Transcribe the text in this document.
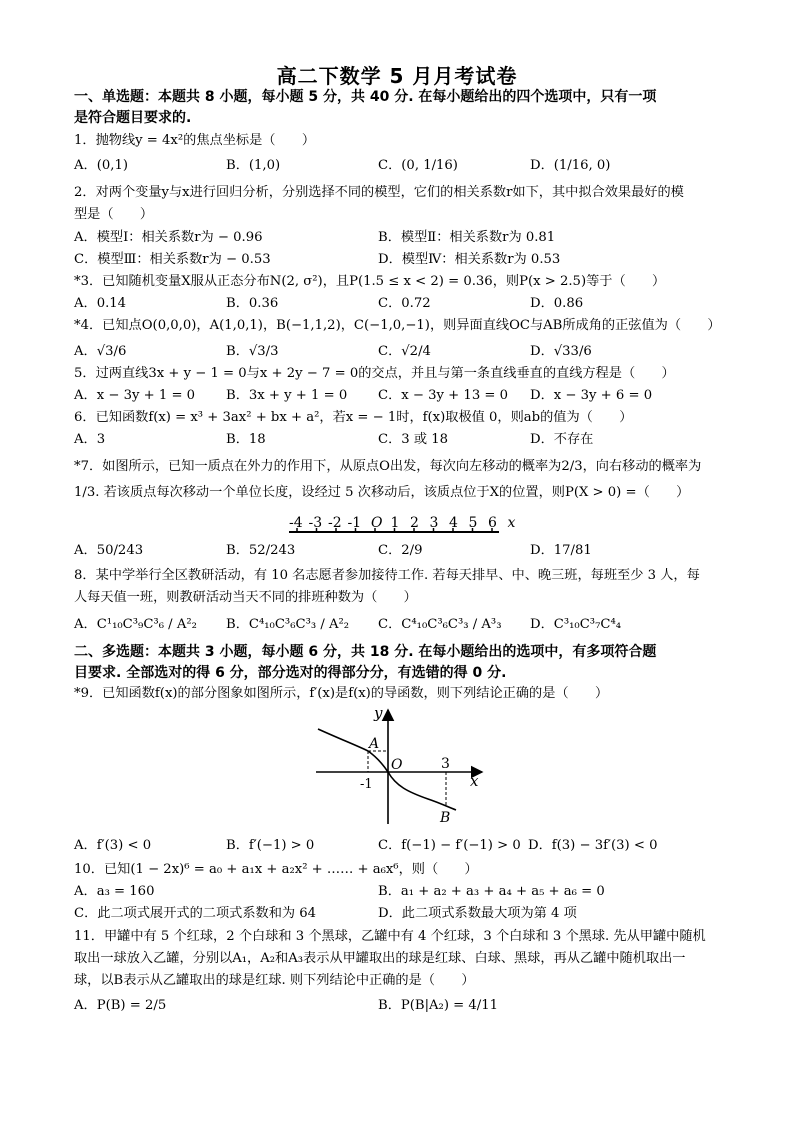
高二下数学 5 月月考试卷
一、单选题：本题共 8 小题，每小题 5 分，共 40 分. 在每小题给出的四个选项中，只有一项
是符合题目要求的.
1．抛物线y = 4x²的焦点坐标是（　　）
A．(0,1)	B．(1,0)	C．(0, 1/16)	D．(1/16, 0)
2．对两个变量y与x进行回归分析，分别选择不同的模型，它们的相关系数r如下，其中拟合效果最好的模
型是（　　）
A．模型Ⅰ：相关系数r为 − 0.96	B．模型Ⅱ：相关系数r为 0.81
C．模型Ⅲ：相关系数r为 − 0.53	D．模型Ⅳ：相关系数r为 0.53
*3．已知随机变量X服从正态分布N(2, σ²)，且P(1.5 ≤ x < 2) = 0.36，则P(x > 2.5)等于（　　）
A．0.14	B．0.36	C．0.72	D．0.86
*4．已知点O(0,0,0)，A(1,0,1)，B(−1,1,2)，C(−1,0,−1)，则异面直线OC与AB所成角的正弦值为（　　）
A．√3/6	B．√3/3	C．√2/4	D．√33/6
5．过两直线3x + y − 1 = 0与x + 2y − 7 = 0的交点，并且与第一条直线垂直的直线方程是（　　）
A．x − 3y + 1 = 0 B．3x + y + 1 = 0 C．x − 3y + 13 = 0 D．x − 3y + 6 = 0
6．已知函数f(x) = x³ + 3ax² + bx + a²，若x = − 1时，f(x)取极值 0，则ab的值为（　　）
A．3	B．18	C．3 或 18	D．不存在
*7．如图所示，已知一质点在外力的作用下，从原点O出发，每次向左移动的概率为2/3，向右移动的概率为
1/3. 若该质点每次移动一个单位长度，设经过 5 次移动后，该质点位于X的位置，则P(X > 0) =（　　）
-4 -3 -2 -1 O 1 2 3 4 5 6 x
A．50/243	B．52/243	C．2/9	D．17/81
8．某中学举行全区教研活动，有 10 名志愿者参加接待工作. 若每天排早、中、晚三班，每班至少 3 人，每
人每天值一班，则教研活动当天不同的排班种数为（　　）
A．C¹₁₀C³₉C³₆ / A²₂ B．C⁴₁₀C³₆C³₃ / A²₂ C．C⁴₁₀C³₆C³₃ / A³₃ D．C³₁₀C³₇C⁴₄
二、多选题：本题共 3 小题，每小题 6 分，共 18 分. 在每小题给出的选项中，有多项符合题
目要求. 全部选对的得 6 分，部分选对的得部分分，有选错的得 0 分.
*9．已知函数f(x)的部分图象如图所示，f′(x)是f(x)的导函数，则下列结论正确的是（　　）
y
A
O
-1
3
x
B
A．f′(3) < 0	B．f′(−1) > 0	C．f(−1) − f′(−1) > 0 D．f(3) − 3f′(3) < 0
10．已知(1 − 2x)⁶ = a₀ + a₁x + a₂x² + …… + a₆x⁶，则（　　）
A．a₃ = 160	B．a₁ + a₂ + a₃ + a₄ + a₅ + a₆ = 0
C．此二项式展开式的二项式系数和为 64	D．此二项式系数最大项为第 4 项
11．甲罐中有 5 个红球，2 个白球和 3 个黑球，乙罐中有 4 个红球，3 个白球和 3 个黑球. 先从甲罐中随机
取出一球放入乙罐，分别以A₁，A₂和A₃表示从甲罐取出的球是红球、白球、黑球，再从乙罐中随机取出一
球，以B表示从乙罐取出的球是红球. 则下列结论中正确的是（　　）
A．P(B) = 2/5	B．P(B|A₂) = 4/11
